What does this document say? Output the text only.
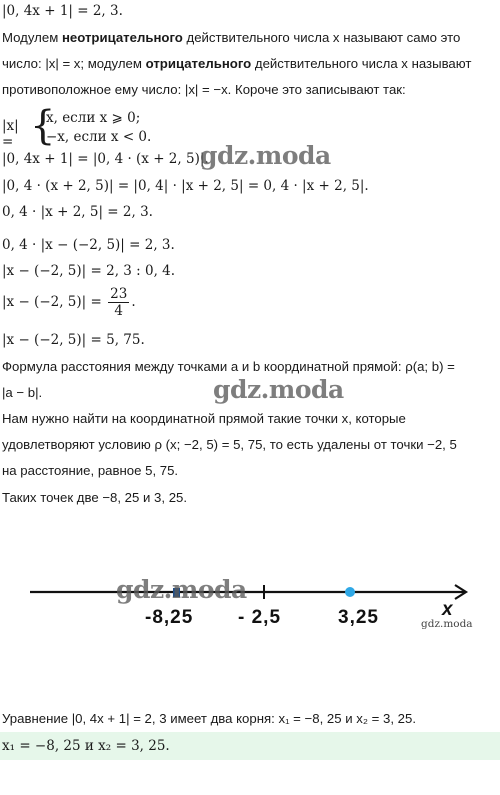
|0, 4x + 1| = 2, 3.
Модулем неотрицательного действительного числа x называют само это
число: |x| = x; модулем отрицательного действительного числа x называют
противоположное ему число: |x| = −x. Короче это записывают так:
|x| = {
x, если x ⩾ 0;
−x, если x < 0.
|0, 4x + 1| = |0, 4 · (x + 2, 5)|.
|0, 4 · (x + 2, 5)| = |0, 4| · |x + 2, 5| = 0, 4 · |x + 2, 5|.
0, 4 · |x + 2, 5| = 2, 3.
0, 4 · |x − (−2, 5)| = 2, 3.
|x − (−2, 5)| = 2, 3 : 0, 4.
|x − (−2, $5)| = \frac{23}{4}$ .
|x − (−2, 5)| = 5, 75.
Формула расстояния между точками a и b координатной прямой: ρ(a; b) =
|a − b|.
Нам нужно найти на координатной прямой такие точки x, которые
удовлетворяют условию ρ (x; −2, 5) = 5, 75, то есть удалены от точки −2, 5
на расстояние, равное 5, 75.
Таких точек две −8, 25 и 3, 25.
-8,25 - 2,5	3,25	x
Уравнение |0, 4x + 1| = 2, 3 имеет два корня: x₁ = −8, 25 и x₂ = 3, 25.
x₁ = −8, 25 и x₂ = 3, 25.
gdz.moda
gdz.moda
gdz.moda
gdz.moda
